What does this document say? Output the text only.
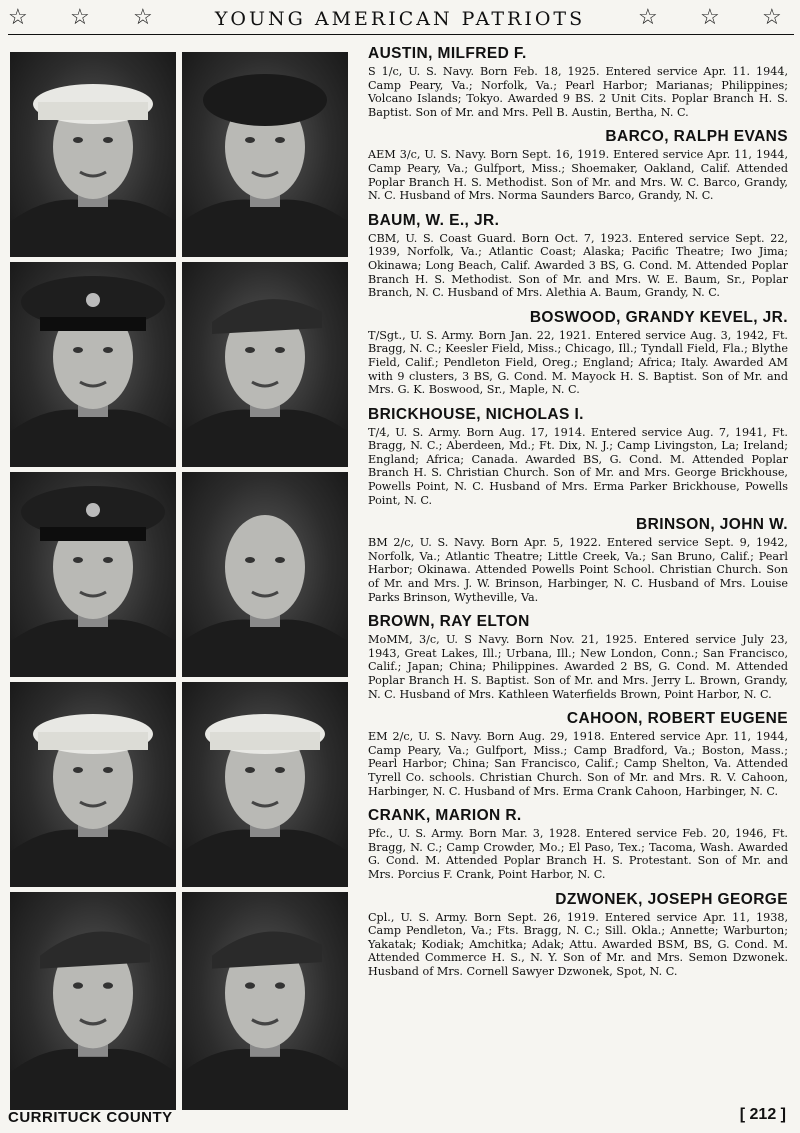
☆ ☆ ☆	YOUNG AMERICAN PATRIOTS	☆ ☆ ☆
AUSTIN, MILFRED F.

S 1/c, U. S. Navy. Born Feb. 18, 1925. Entered service Apr. 11. 1944, Camp Peary, Va.; Norfolk, Va.; Pearl Harbor; Marianas; Philippines; Volcano Islands; Tokyo. Awarded 9 BS. 2 Unit Cits. Poplar Branch H. S. Baptist. Son of Mr. and Mrs. Pell B. Austin, Bertha, N. C.

BARCO, RALPH EVANS

AEM 3/c, U. S. Navy. Born Sept. 16, 1919. Entered service Apr. 11, 1944, Camp Peary, Va.; Gulfport, Miss.; Shoemaker, Oakland, Calif. Attended Poplar Branch H. S. Methodist. Son of Mr. and Mrs. W. C. Barco, Grandy, N. C. Husband of Mrs. Norma Saunders Barco, Grandy, N. C.

BAUM, W. E., JR.

CBM, U. S. Coast Guard. Born Oct. 7, 1923. Entered service Sept. 22, 1939, Norfolk, Va.; Atlantic Coast; Alaska; Pacific Theatre; Iwo Jima; Okinawa; Long Beach, Calif. Awarded 3 BS, G. Cond. M. Attended Poplar Branch H. S. Methodist. Son of Mr. and Mrs. W. E. Baum, Sr., Poplar Branch, N. C. Husband of Mrs. Alethia A. Baum, Grandy, N. C.

BOSWOOD, GRANDY KEVEL, JR.

T/Sgt., U. S. Army. Born Jan. 22, 1921. Entered service Aug. 3, 1942, Ft. Bragg, N. C.; Keesler Field, Miss.; Chicago, Ill.; Tyndall Field, Fla.; Blythe Field, Calif.; Pendleton Field, Oreg.; England; Africa; Italy. Awarded AM with 9 clusters, 3 BS, G. Cond. M. Mayock H. S. Baptist. Son of Mr. and Mrs. G. K. Boswood, Sr., Maple, N. C.

BRICKHOUSE, NICHOLAS I.

T/4, U. S. Army. Born Aug. 17, 1914. Entered service Aug. 7, 1941, Ft. Bragg, N. C.; Aberdeen, Md.; Ft. Dix, N. J.; Camp Livingston, La; Ireland; England; Africa; Canada. Awarded BS, G. Cond. M. Attended Poplar Branch H. S. Christian Church. Son of Mr. and Mrs. George Brickhouse, Powells Point, N. C. Husband of Mrs. Erma Parker Brickhouse, Powells Point, N. C.

BRINSON, JOHN W.

BM 2/c, U. S. Navy. Born Apr. 5, 1922. Entered service Sept. 9, 1942, Norfolk, Va.; Atlantic Theatre; Little Creek, Va.; San Bruno, Calif.; Pearl Harbor; Okinawa. Attended Powells Point School. Christian Church. Son of Mr. and Mrs. J. W. Brinson, Harbinger, N. C. Husband of Mrs. Louise Parks Brinson, Wytheville, Va.

BROWN, RAY ELTON

MoMM, 3/c, U. S Navy. Born Nov. 21, 1925. Entered service July 23, 1943, Great Lakes, Ill.; Urbana, Ill.; New London, Conn.; San Francisco, Calif.; Japan; China; Philippines. Awarded 2 BS, G. Cond. M. Attended Poplar Branch H. S. Baptist. Son of Mr. and Mrs. Jerry L. Brown, Grandy, N. C. Husband of Mrs. Kathleen Waterfields Brown, Point Harbor, N. C.

CAHOON, ROBERT EUGENE

EM 2/c, U. S. Navy. Born Aug. 29, 1918. Entered service Apr. 11, 1944, Camp Peary, Va.; Gulfport, Miss.; Camp Bradford, Va.; Boston, Mass.; Pearl Harbor; China; San Francisco, Calif.; Camp Shelton, Va. Attended Tyrell Co. schools. Christian Church. Son of Mr. and Mrs. R. V. Cahoon, Harbinger, N. C. Husband of Mrs. Erma Crank Cahoon, Harbinger, N. C.

CRANK, MARION R.

Pfc., U. S. Army. Born Mar. 3, 1928. Entered service Feb. 20, 1946, Ft. Bragg, N. C.; Camp Crowder, Mo.; El Paso, Tex.; Tacoma, Wash. Awarded G. Cond. M. Attended Poplar Branch H. S. Protestant. Son of Mr. and Mrs. Porcius F. Crank, Point Harbor, N. C.

DZWONEK, JOSEPH GEORGE

Cpl., U. S. Army. Born Sept. 26, 1919. Entered service Apr. 11, 1938, Camp Pendleton, Va.; Fts. Bragg, N. C.; Sill. Okla.; Annette; Warburton; Yakatak; Kodiak; Amchitka; Adak; Attu. Awarded BSM, BS, G. Cond. M. Attended Commerce H. S., N. Y. Son of Mr. and Mrs. Semon Dzwonek. Husband of Mrs. Cornell Sawyer Dzwonek, Spot, N. C.

CURRITUCK COUNTY	[ 212 ]
